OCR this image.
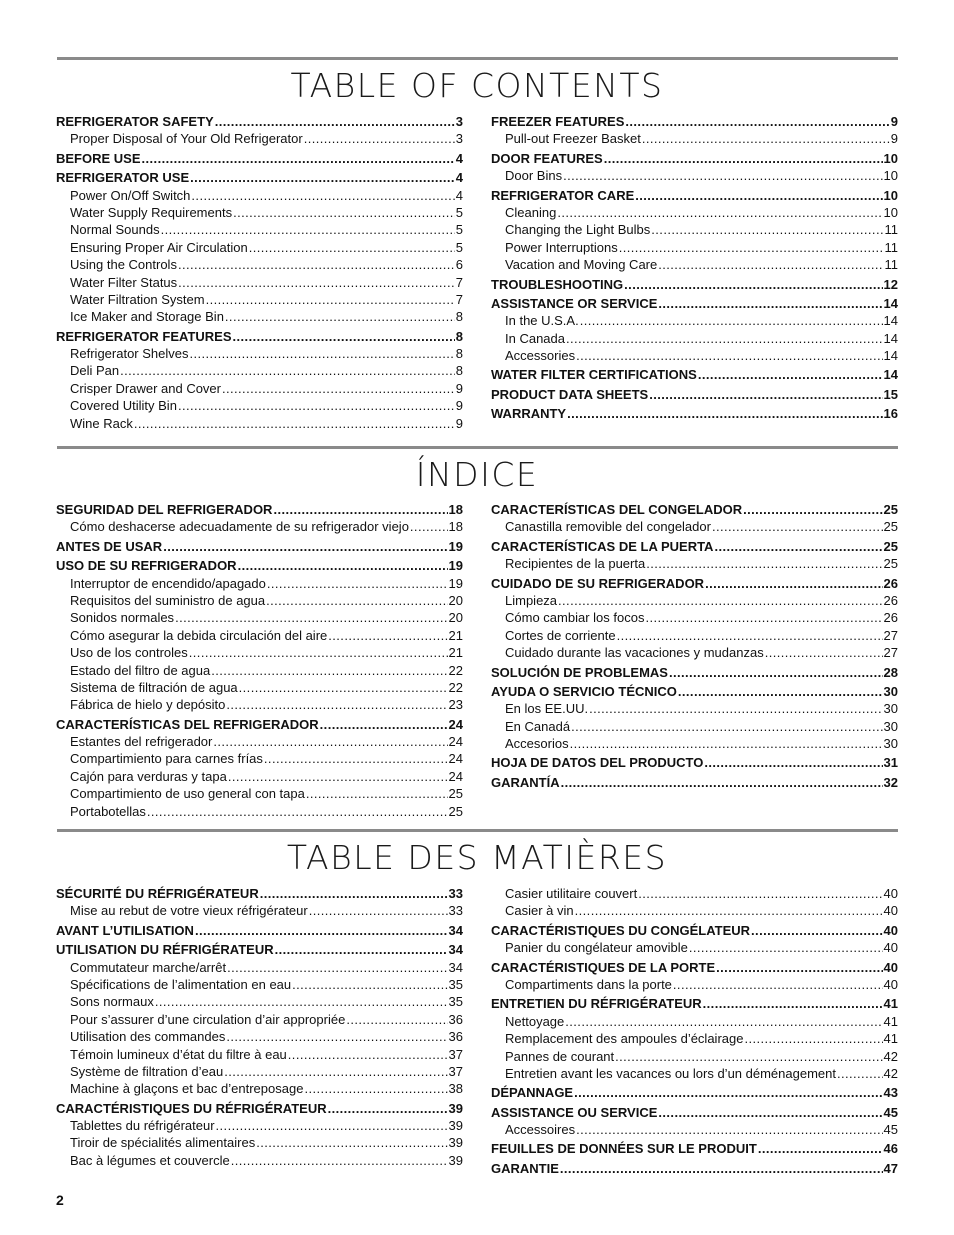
TABLE OF CONTENTS
REFRIGERATOR SAFETY .....	3
Proper Disposal of Your Old Refrigerator .....	3
BEFORE USE .....	4
REFRIGERATOR USE .....	4
Power On/Off Switch .....	4
Water Supply Requirements .....	5
Normal Sounds .....	5
Ensuring Proper Air Circulation .....	5
Using the Controls .....	6
Water Filter Status .....	7
Water Filtration System .....	7
Ice Maker and Storage Bin .....	8
REFRIGERATOR FEATURES .....	8
Refrigerator Shelves .....	8
Deli Pan .....	8
Crisper Drawer and Cover .....	9
Covered Utility Bin .....	9
Wine Rack .....	9
FREEZER FEATURES .....	9
Pull-out Freezer Basket .....	9
DOOR FEATURES .....	10
Door Bins .....	10
REFRIGERATOR CARE .....	10
Cleaning .....	10
Changing the Light Bulbs .....	11
Power Interruptions .....	11
Vacation and Moving Care .....	11
TROUBLESHOOTING .....	12
ASSISTANCE OR SERVICE .....	14
In the U.S.A. .....	14
In Canada .....	14
Accessories .....	14
WATER FILTER CERTIFICATIONS .....	14
PRODUCT DATA SHEETS .....	15
WARRANTY .....	16
ÍNDICE
SEGURIDAD DEL REFRIGERADOR .....	18
Cómo deshacerse adecuadamente de su refrigerador viejo .....	18
ANTES DE USAR .....	19
USO DE SU REFRIGERADOR .....	19
Interruptor de encendido/apagado .....	19
Requisitos del suministro de agua .....	20
Sonidos normales .....	20
Cómo asegurar la debida circulación del aire .....	21
Uso de los controles .....	21
Estado del filtro de agua .....	22
Sistema de filtración de agua .....	22
Fábrica de hielo y depósito .....	23
CARACTERÍSTICAS DEL REFRIGERADOR .....	24
Estantes del refrigerador .....	24
Compartimiento para carnes frías .....	24
Cajón para verduras y tapa .....	24
Compartimiento de uso general con tapa .....	25
Portabotellas .....	25
CARACTERÍSTICAS DEL CONGELADOR .....	25
Canastilla removible del congelador .....	25
CARACTERÍSTICAS DE LA PUERTA .....	25
Recipientes de la puerta .....	25
CUIDADO DE SU REFRIGERADOR .....	26
Limpieza .....	26
Cómo cambiar los focos .....	26
Cortes de corriente .....	27
Cuidado durante las vacaciones y mudanzas .....	27
SOLUCIÓN DE PROBLEMAS .....	28
AYUDA O SERVICIO TÉCNICO .....	30
En los EE.UU. .....	30
En Canadá .....	30
Accesorios .....	30
HOJA DE DATOS DEL PRODUCTO .....	31
GARANTÍA .....	32
TABLE DES MATIÈRES
SÉCURITÉ DU RÉFRIGÉRATEUR .....	33
Mise au rebut de votre vieux réfrigérateur .....	33
AVANT L’UTILISATION .....	34
UTILISATION DU RÉFRIGÉRATEUR .....	34
Commutateur marche/arrêt .....	34
Spécifications de l’alimentation en eau .....	35
Sons normaux .....	35
Pour s’assurer d’une circulation d’air appropriée .....	36
Utilisation des commandes .....	36
Témoin lumineux d’état du filtre à eau .....	37
Système de filtration d’eau .....	37
Machine à glaçons et bac d’entreposage .....	38
CARACTÉRISTIQUES DU RÉFRIGÉRATEUR .....	39
Tablettes du réfrigérateur .....	39
Tiroir de spécialités alimentaires .....	39
Bac à légumes et couvercle .....	39
Casier utilitaire couvert .....	40
Casier à vin .....	40
CARACTÉRISTIQUES DU CONGÉLATEUR .....	40
Panier du congélateur amovible .....	40
CARACTÉRISTIQUES DE LA PORTE .....	40
Compartiments dans la porte .....	40
ENTRETIEN DU RÉFRIGÉRATEUR .....	41
Nettoyage .....	41
Remplacement des ampoules d’éclairage .....	41
Pannes de courant .....	42
Entretien avant les vacances ou lors d’un déménagement .....	42
DÉPANNAGE .....	43
ASSISTANCE OU SERVICE .....	45
Accessoires .....	45
FEUILLES DE DONNÉES SUR LE PRODUIT .....	46
GARANTIE .....	47
2
